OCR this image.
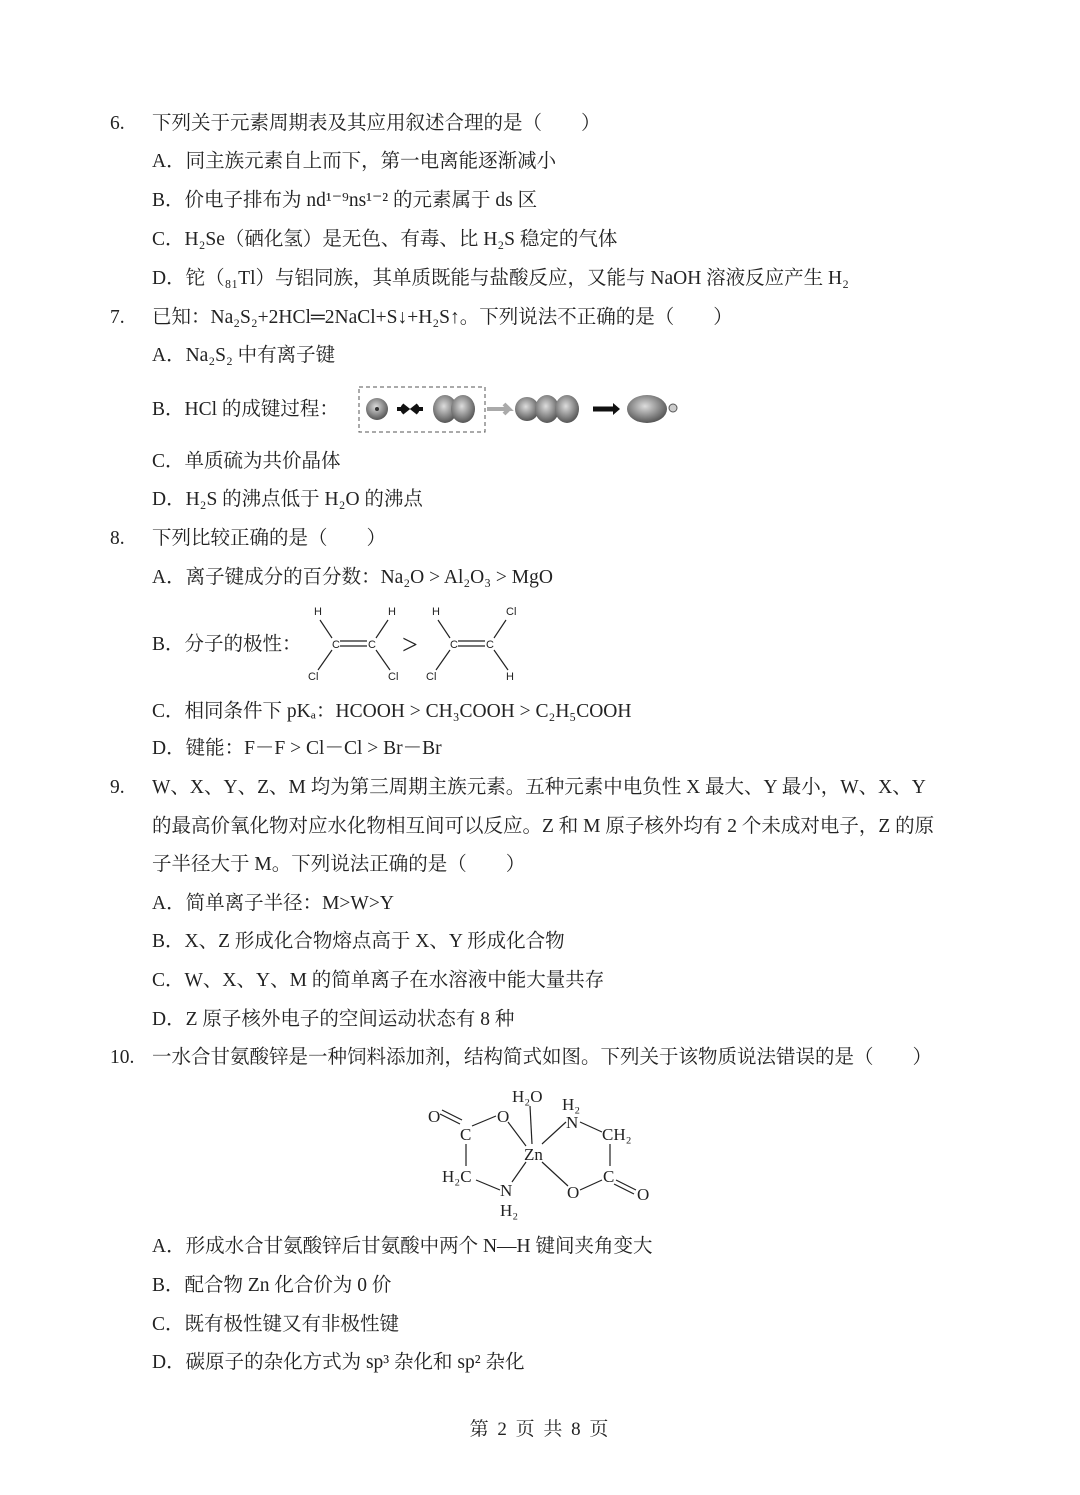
6. 下列关于元素周期表及其应用叙述合理的是（　　）
A．同主族元素自上而下，第一电离能逐渐减小
B．价电子排布为 nd¹⁻⁹ns¹⁻² 的元素属于 ds 区
C．H₂Se（硒化氢）是无色、有毒、比 H₂S 稳定的气体
D．铊（₈₁Tl）与铝同族，其单质既能与盐酸反应，又能与 NaOH 溶液反应产生 H₂
7. 已知：Na₂S₂+2HCl═2NaCl+S↓+H₂S↑。下列说法不正确的是（　　）
A．Na₂S₂ 中有离子键
B．HCl 的成键过程：
C．单质硫为共价晶体
D．H₂S 的沸点低于 H₂O 的沸点
8. 下列比较正确的是（　　）
A．离子键成分的百分数：Na₂O > Al₂O₃ > MgO
B．分子的极性：
H	H
C	C
Cl	Cl
H	Cl
C	C
Cl	H
>
C．相同条件下 pKₐ：HCOOH > CH₃COOH > C₂H₅COOH
D．键能：F－F > Cl－Cl > Br－Br
9. W、X、Y、Z、M 均为第三周期主族元素。五种元素中电负性 X 最大、Y 最小，W、X、Y
的最高价氧化物对应水化物相互间可以反应。Z 和 M 原子核外均有 2 个未成对电子，Z 的原
子半径大于 M。下列说法正确的是（　　）
A．简单离子半径：M>W>Y
B．X、Z 形成化合物熔点高于 X、Y 形成化合物
C．W、X、Y、M 的简单离子在水溶液中能大量共存
D．Z 原子核外电子的空间运动状态有 8 种
10. 一水合甘氨酸锌是一种饲料添加剂，结构简式如图。下列关于该物质说法错误的是（　　）
H₂O
O	O
H₂
N
CH₂
C
Zn
H₂C
N
H₂
O
C
O
A．形成水合甘氨酸锌后甘氨酸中两个 N—H 键间夹角变大
B．配合物 Zn 化合价为 0 价
C．既有极性键又有非极性键
D．碳原子的杂化方式为 sp³ 杂化和 sp² 杂化
第 2 页 共 8 页
